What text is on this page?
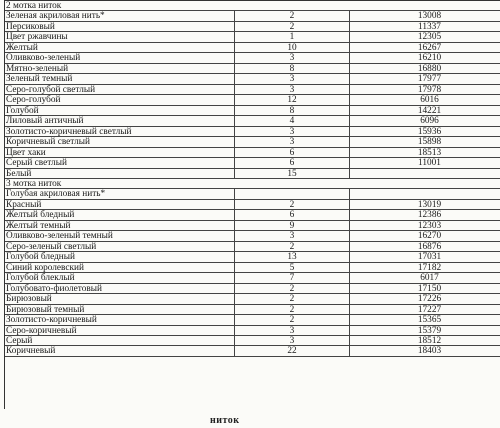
2 мотка ниток
Зеленая акриловая нить*	2	13008
Персиковый	2	11337
Цвет ржавчины	1	12305
Желтый	10	16267
Оливково-зеленый	3	16210
Мятно-зеленый	8	16880
Зеленый темный	3	17977
Серо-голубой светлый	3	17978
Серо-голубой	12	6016
Голубой	8	14221
Лиловый античный	4	6096
Золотисто-коричневый светлый	3	15936
Коричневый светлый	3	15898
Цвет хаки	6	18513
Серый светлый	6	11001
Белый	15
3 мотка ниток
Голубая акриловая нить*
Красный	2	13019
Желтый бледный	6	12386
Желтый темный	9	12303
Оливково-зеленый темный	3	16270
Серо-зеленый светлый	2	16876
Голубой бледный	13	17031
Синий королевский	5	17182
Голубой блеклый	7	6017
Голубовато-фиолетовый	2	17150
Бирюзовый	2	17226
Бирюзовый темный	2	17227
Золотисто-коричневый	2	15365
Серо-коричневый	3	15379
Серый	3	18512
Коричневый	22	18403
ниток
